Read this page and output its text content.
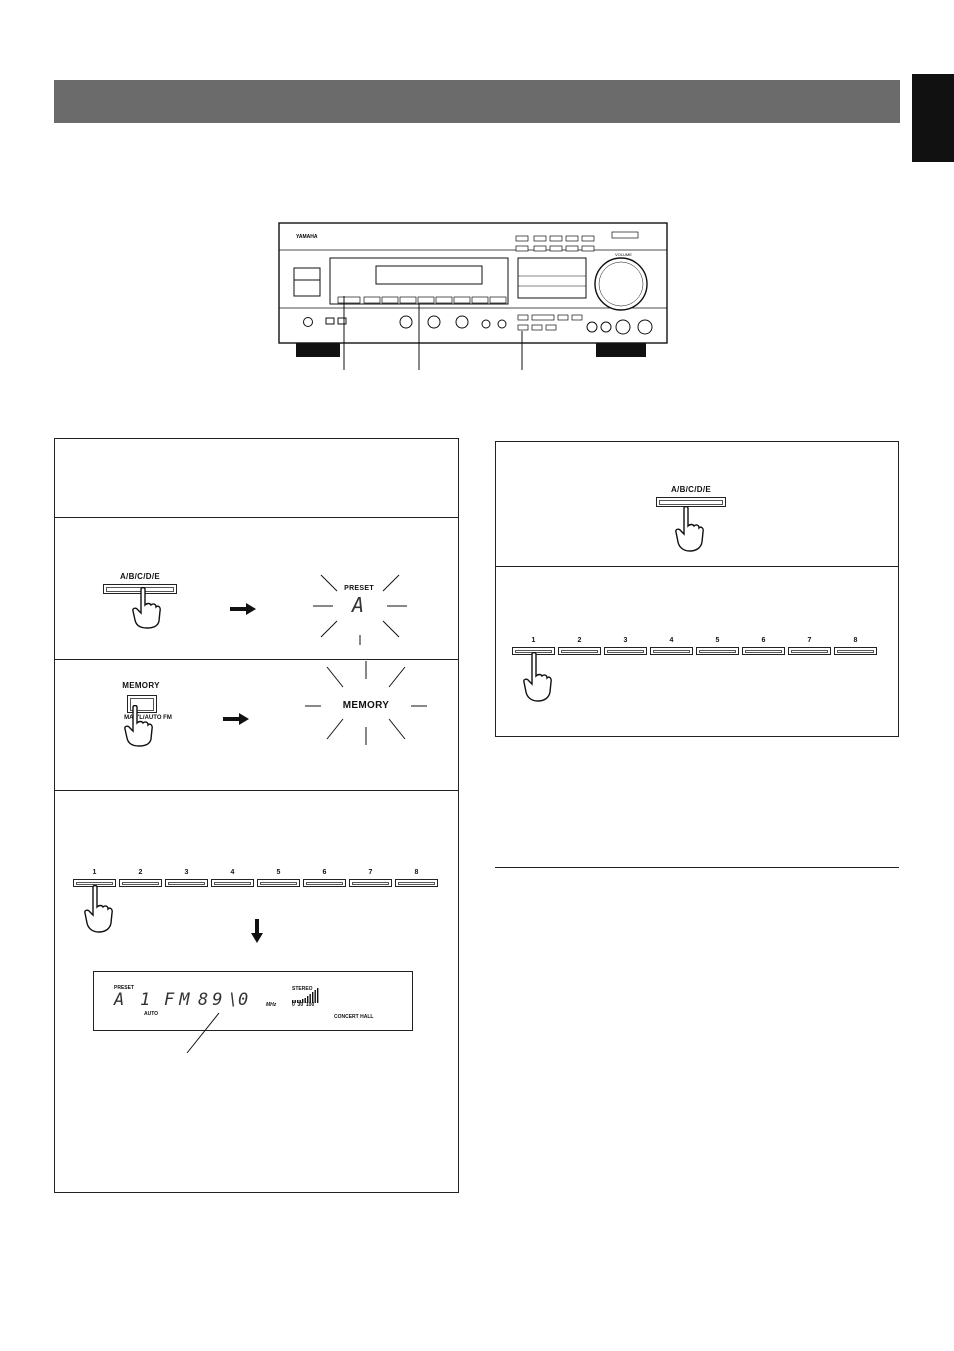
YAMAHA
VOLUME
A/B/C/D/E
PRESET
A
MEMORY
MAN'L/AUTO FM
MEMORY
1	2	3	4	5	6	7	8
PRESET
A 1 FM 89 \ 0	MHz
STEREO
0  30  100
AUTO	CONCERT HALL
A/B/C/D/E
1	2	3	4	5	6	7	8
